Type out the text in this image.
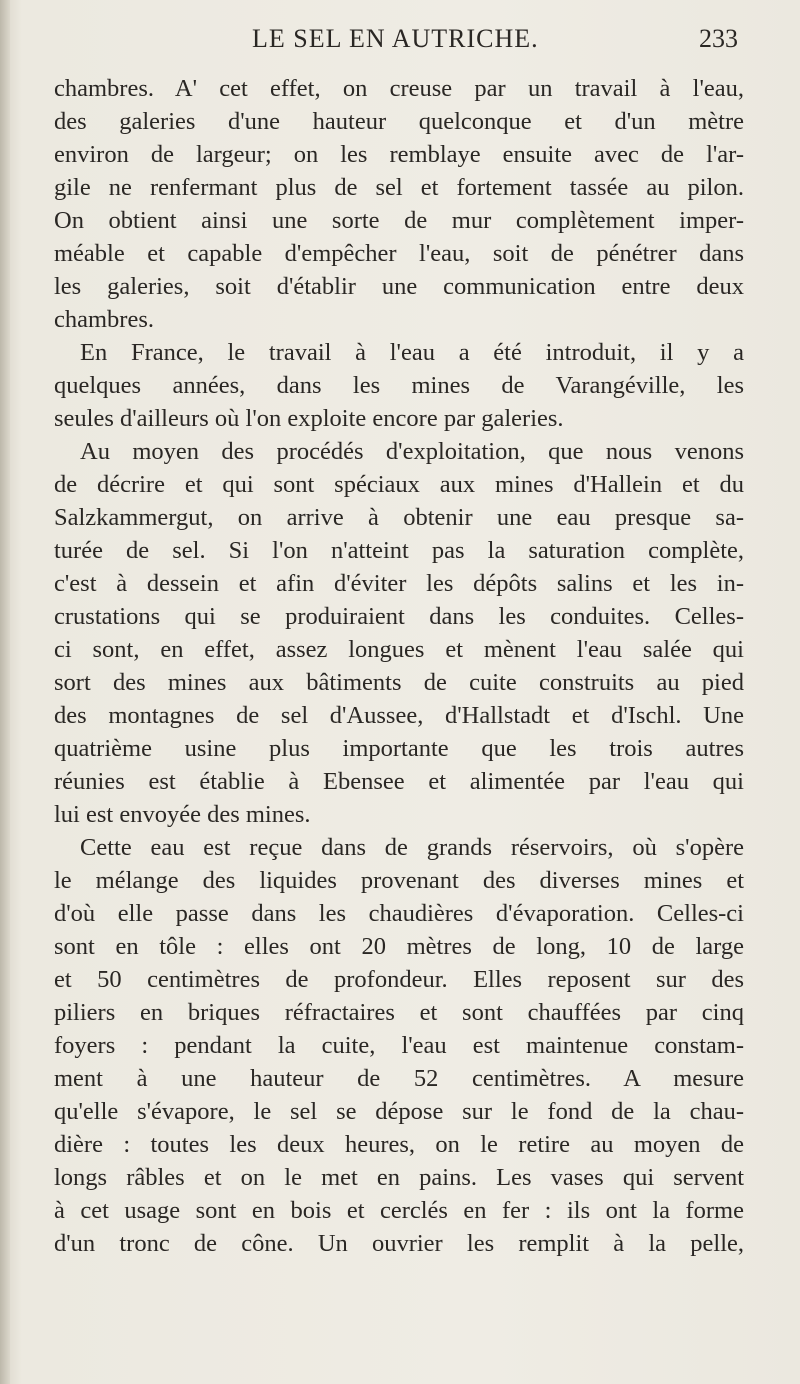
LE SEL EN AUTRICHE.	233
chambres. A' cet effet, on creuse par un travail à l'eau,
des galeries d'une hauteur quelconque et d'un mètre
environ de largeur; on les remblaye ensuite avec de l'ar-
gile ne renfermant plus de sel et fortement tassée au pilon.
On obtient ainsi une sorte de mur complètement imper-
méable et capable d'empêcher l'eau, soit de pénétrer dans
les galeries, soit d'établir une communication entre deux
chambres.
En France, le travail à l'eau a été introduit, il y a
quelques années, dans les mines de Varangéville, les
seules d'ailleurs où l'on exploite encore par galeries.
Au moyen des procédés d'exploitation, que nous venons
de décrire et qui sont spéciaux aux mines d'Hallein et du
Salzkammergut, on arrive à obtenir une eau presque sa-
turée de sel. Si l'on n'atteint pas la saturation complète,
c'est à dessein et afin d'éviter les dépôts salins et les in-
crustations qui se produiraient dans les conduites. Celles-
ci sont, en effet, assez longues et mènent l'eau salée qui
sort des mines aux bâtiments de cuite construits au pied
des montagnes de sel d'Aussee, d'Hallstadt et d'Ischl. Une
quatrième usine plus importante que les trois autres
réunies est établie à Ebensee et alimentée par l'eau qui
lui est envoyée des mines.
Cette eau est reçue dans de grands réservoirs, où s'opère
le mélange des liquides provenant des diverses mines et
d'où elle passe dans les chaudières d'évaporation. Celles-ci
sont en tôle : elles ont 20 mètres de long, 10 de large
et 50 centimètres de profondeur. Elles reposent sur des
piliers en briques réfractaires et sont chauffées par cinq
foyers : pendant la cuite, l'eau est maintenue constam-
ment à une hauteur de 52 centimètres. A mesure
qu'elle s'évapore, le sel se dépose sur le fond de la chau-
dière : toutes les deux heures, on le retire au moyen de
longs râbles et on le met en pains. Les vases qui servent
à cet usage sont en bois et cerclés en fer : ils ont la forme
d'un tronc de cône. Un ouvrier les remplit à la pelle,
